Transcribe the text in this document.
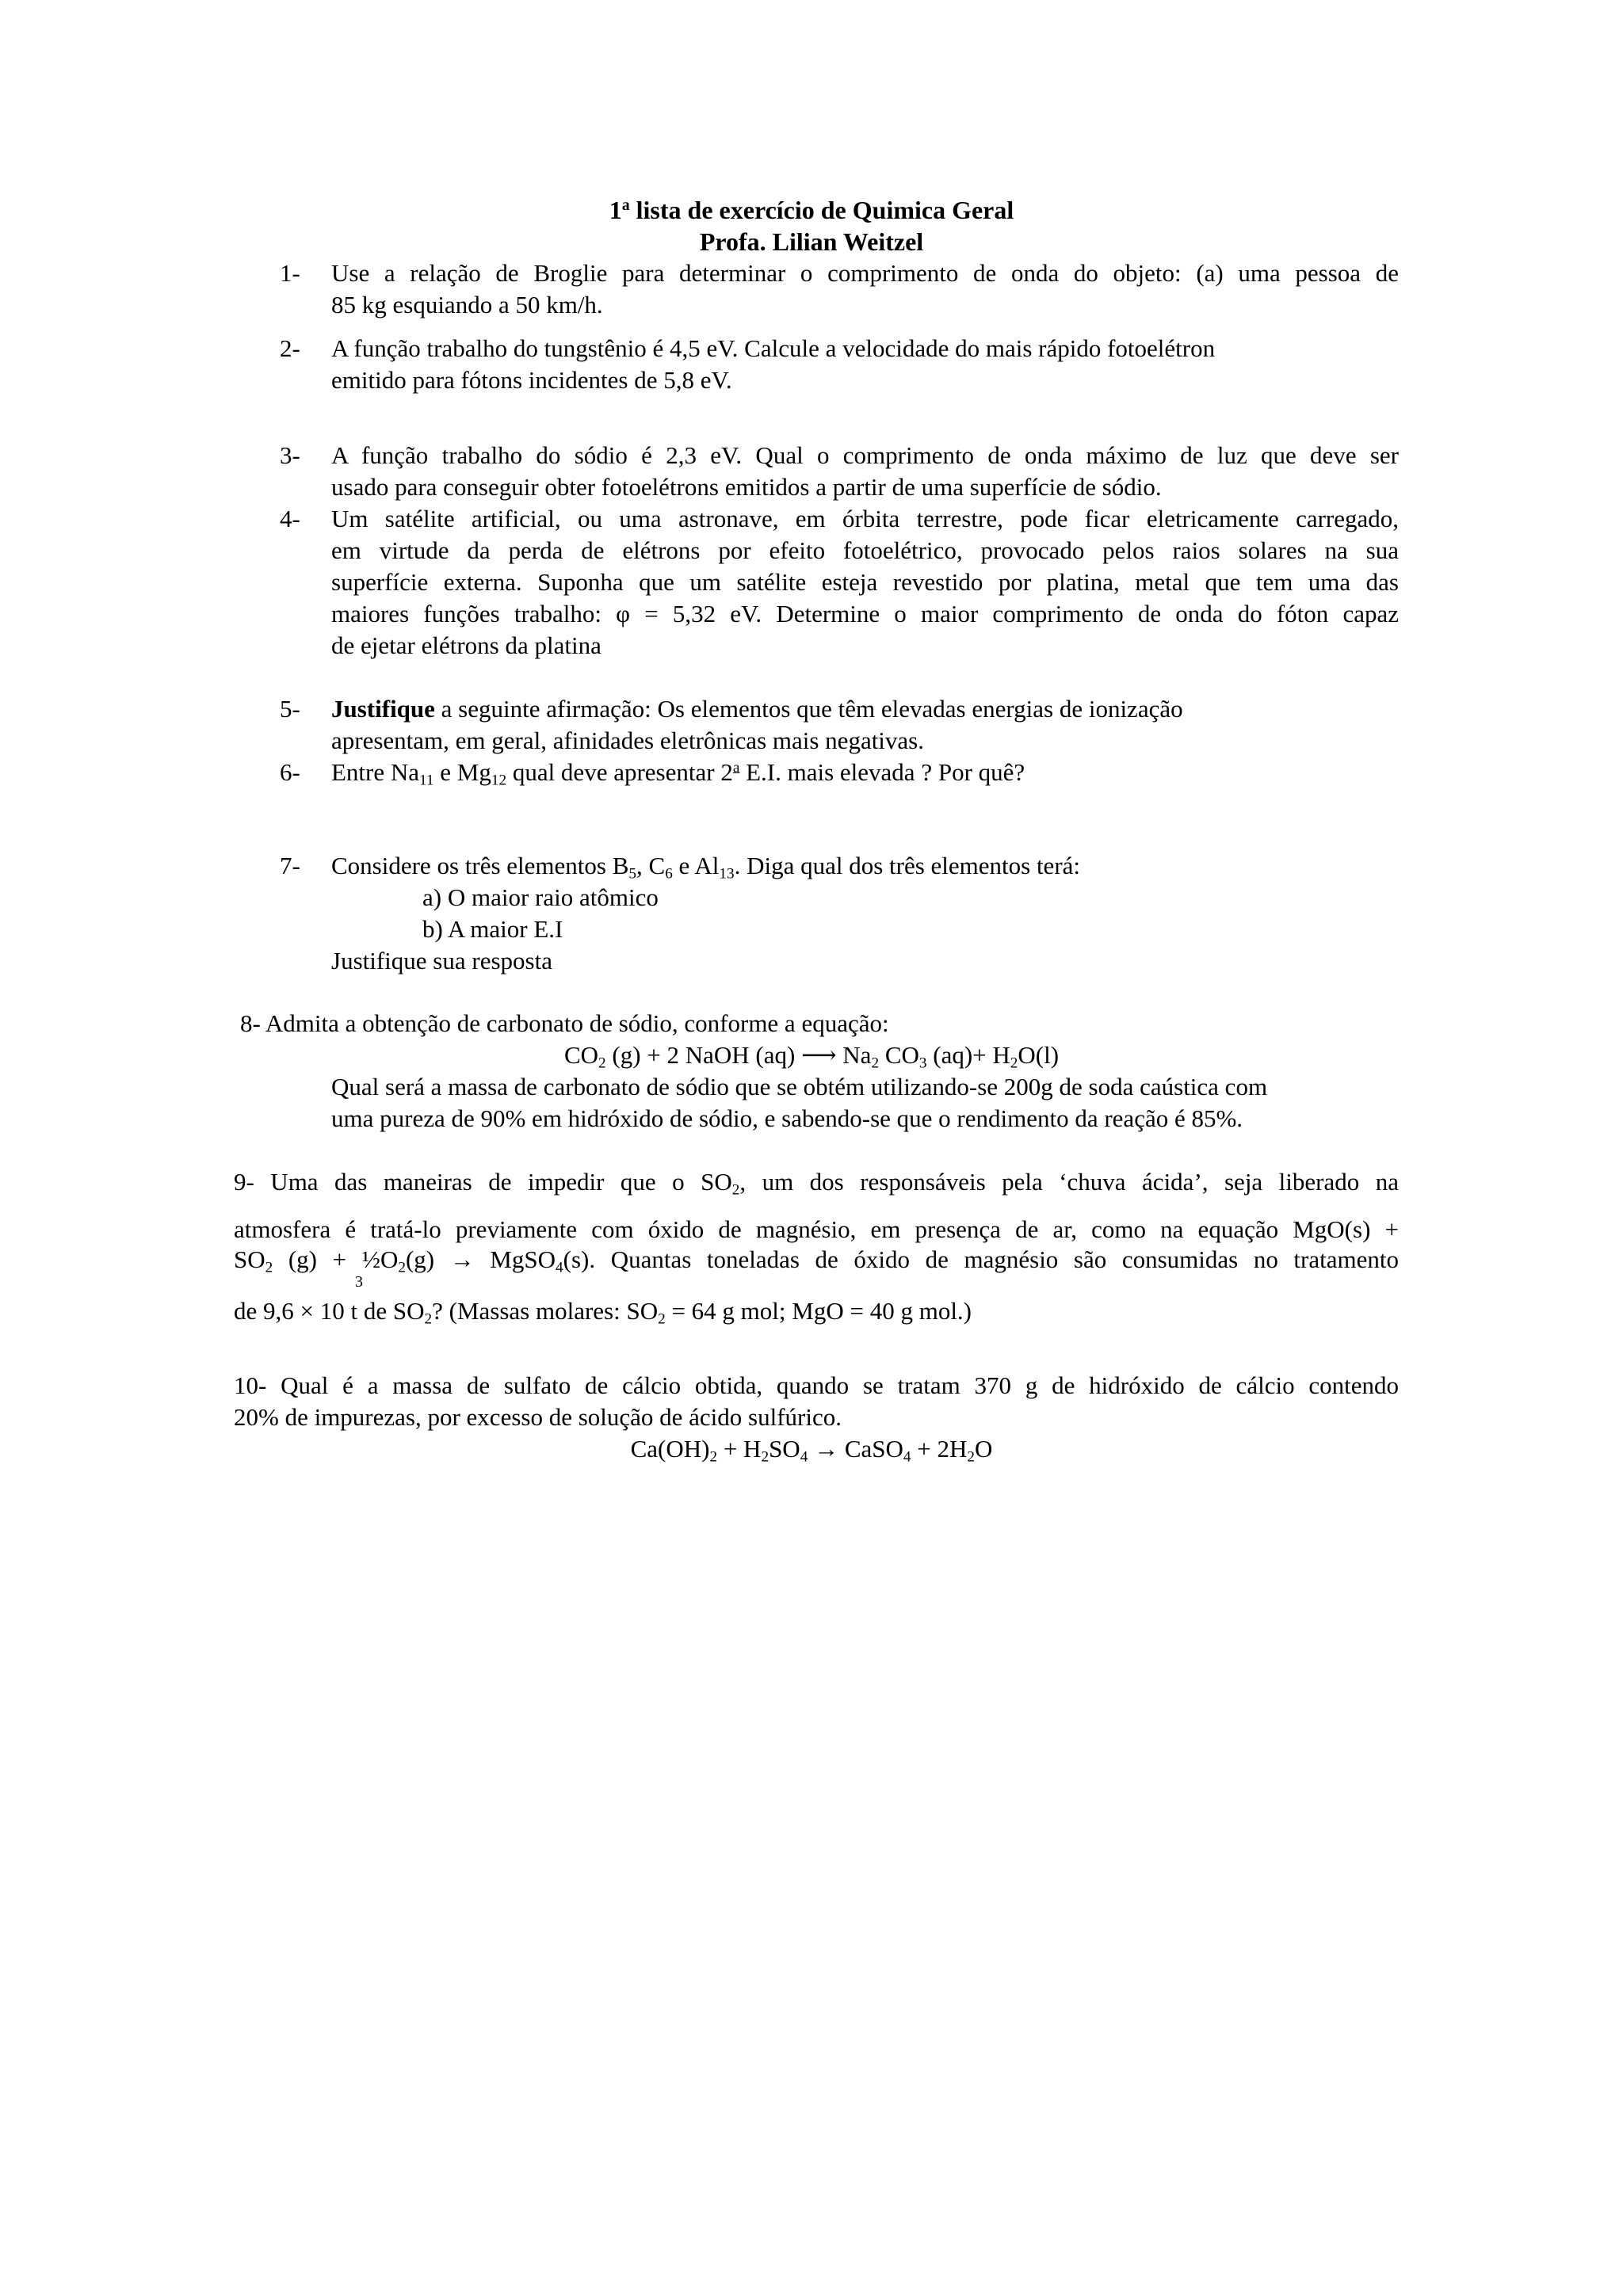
1$^a$ lista de exercício de Quimica Geral
Profa. Lilian Weitzel
1- Use a relação de Broglie para determinar o comprimento de onda do objeto: (a) uma pessoa de
85 kg esquiando a 50 km/h.
2- A função trabalho do tungstênio é 4,5 eV. Calcule a velocidade do mais rápido fotoelétron
emitido para fótons incidentes de 5,8 eV.
3- A função trabalho do sódio é 2,3 eV. Qual o comprimento de onda máximo de luz que deve ser
usado para conseguir obter fotoelétrons emitidos a partir de uma superfície de sódio.
4- Um satélite artificial, ou uma astronave, em órbita terrestre, pode ficar eletricamente carregado,
em virtude da perda de elétrons por efeito fotoelétrico, provocado pelos raios solares na sua
superfície externa. Suponha que um satélite esteja revestido por platina, metal que tem uma das
maiores funções trabalho: φ = 5,32 eV. Determine o maior comprimento de onda do fóton capaz
de ejetar elétrons da platina
5- Justifique a seguinte afirmação: Os elementos que têm elevadas energias de ionização
apresentam, em geral, afinidades eletrônicas mais negativas.
6- Entre $Na_{11}$ e $Mg_{12}$ qual deve apresentar 2$^a$ E.I. mais elevada ? Por quê?
7- Considere os três elementos $B_5$, $C_6$ e $Al_{13}$. Diga qual dos três elementos terá:
a) O maior raio atômico
b) A maior E.I
Justifique sua resposta
8- Admita a obtenção de carbonato de sódio, conforme a equação:
$CO_2$ (g) + 2 NaOH (aq) ⟶ $Na_2$ $CO_3$ $(aq)+ H_2O(l)$
Qual será a massa de carbonato de sódio que se obtém utilizando-se 200g de soda caústica com
uma pureza de 90% em hidróxido de sódio, e sabendo-se que o rendimento da reação é 85%.
9- Uma das maneiras de impedir que o $SO_2$, um dos responsáveis pela ‘chuva ácida’, seja liberado na
atmosfera é tratá-lo previamente com óxido de magnésio, em presença de ar, como na equação MgO(s) +
$SO_2$ $(g) + \frac{1}{2}O_2(g)$ → MgSO$_4$(s). Quantas toneladas de óxido de magnésio são consumidas no tratamento
3
de 9,6 × 10 t de $SO_2$? (Massas molares: $SO_2 = 64$ g mol; MgO = 40 g mol.)
10- Qual é a massa de sulfato de cálcio obtida, quando se tratam 370 g de hidróxido de cálcio contendo
20% de impurezas, por excesso de solução de ácido sulfúrico.
$Ca(OH)_2 + H_2SO_4$ → CaSO$_4$ + $2H_2O$
